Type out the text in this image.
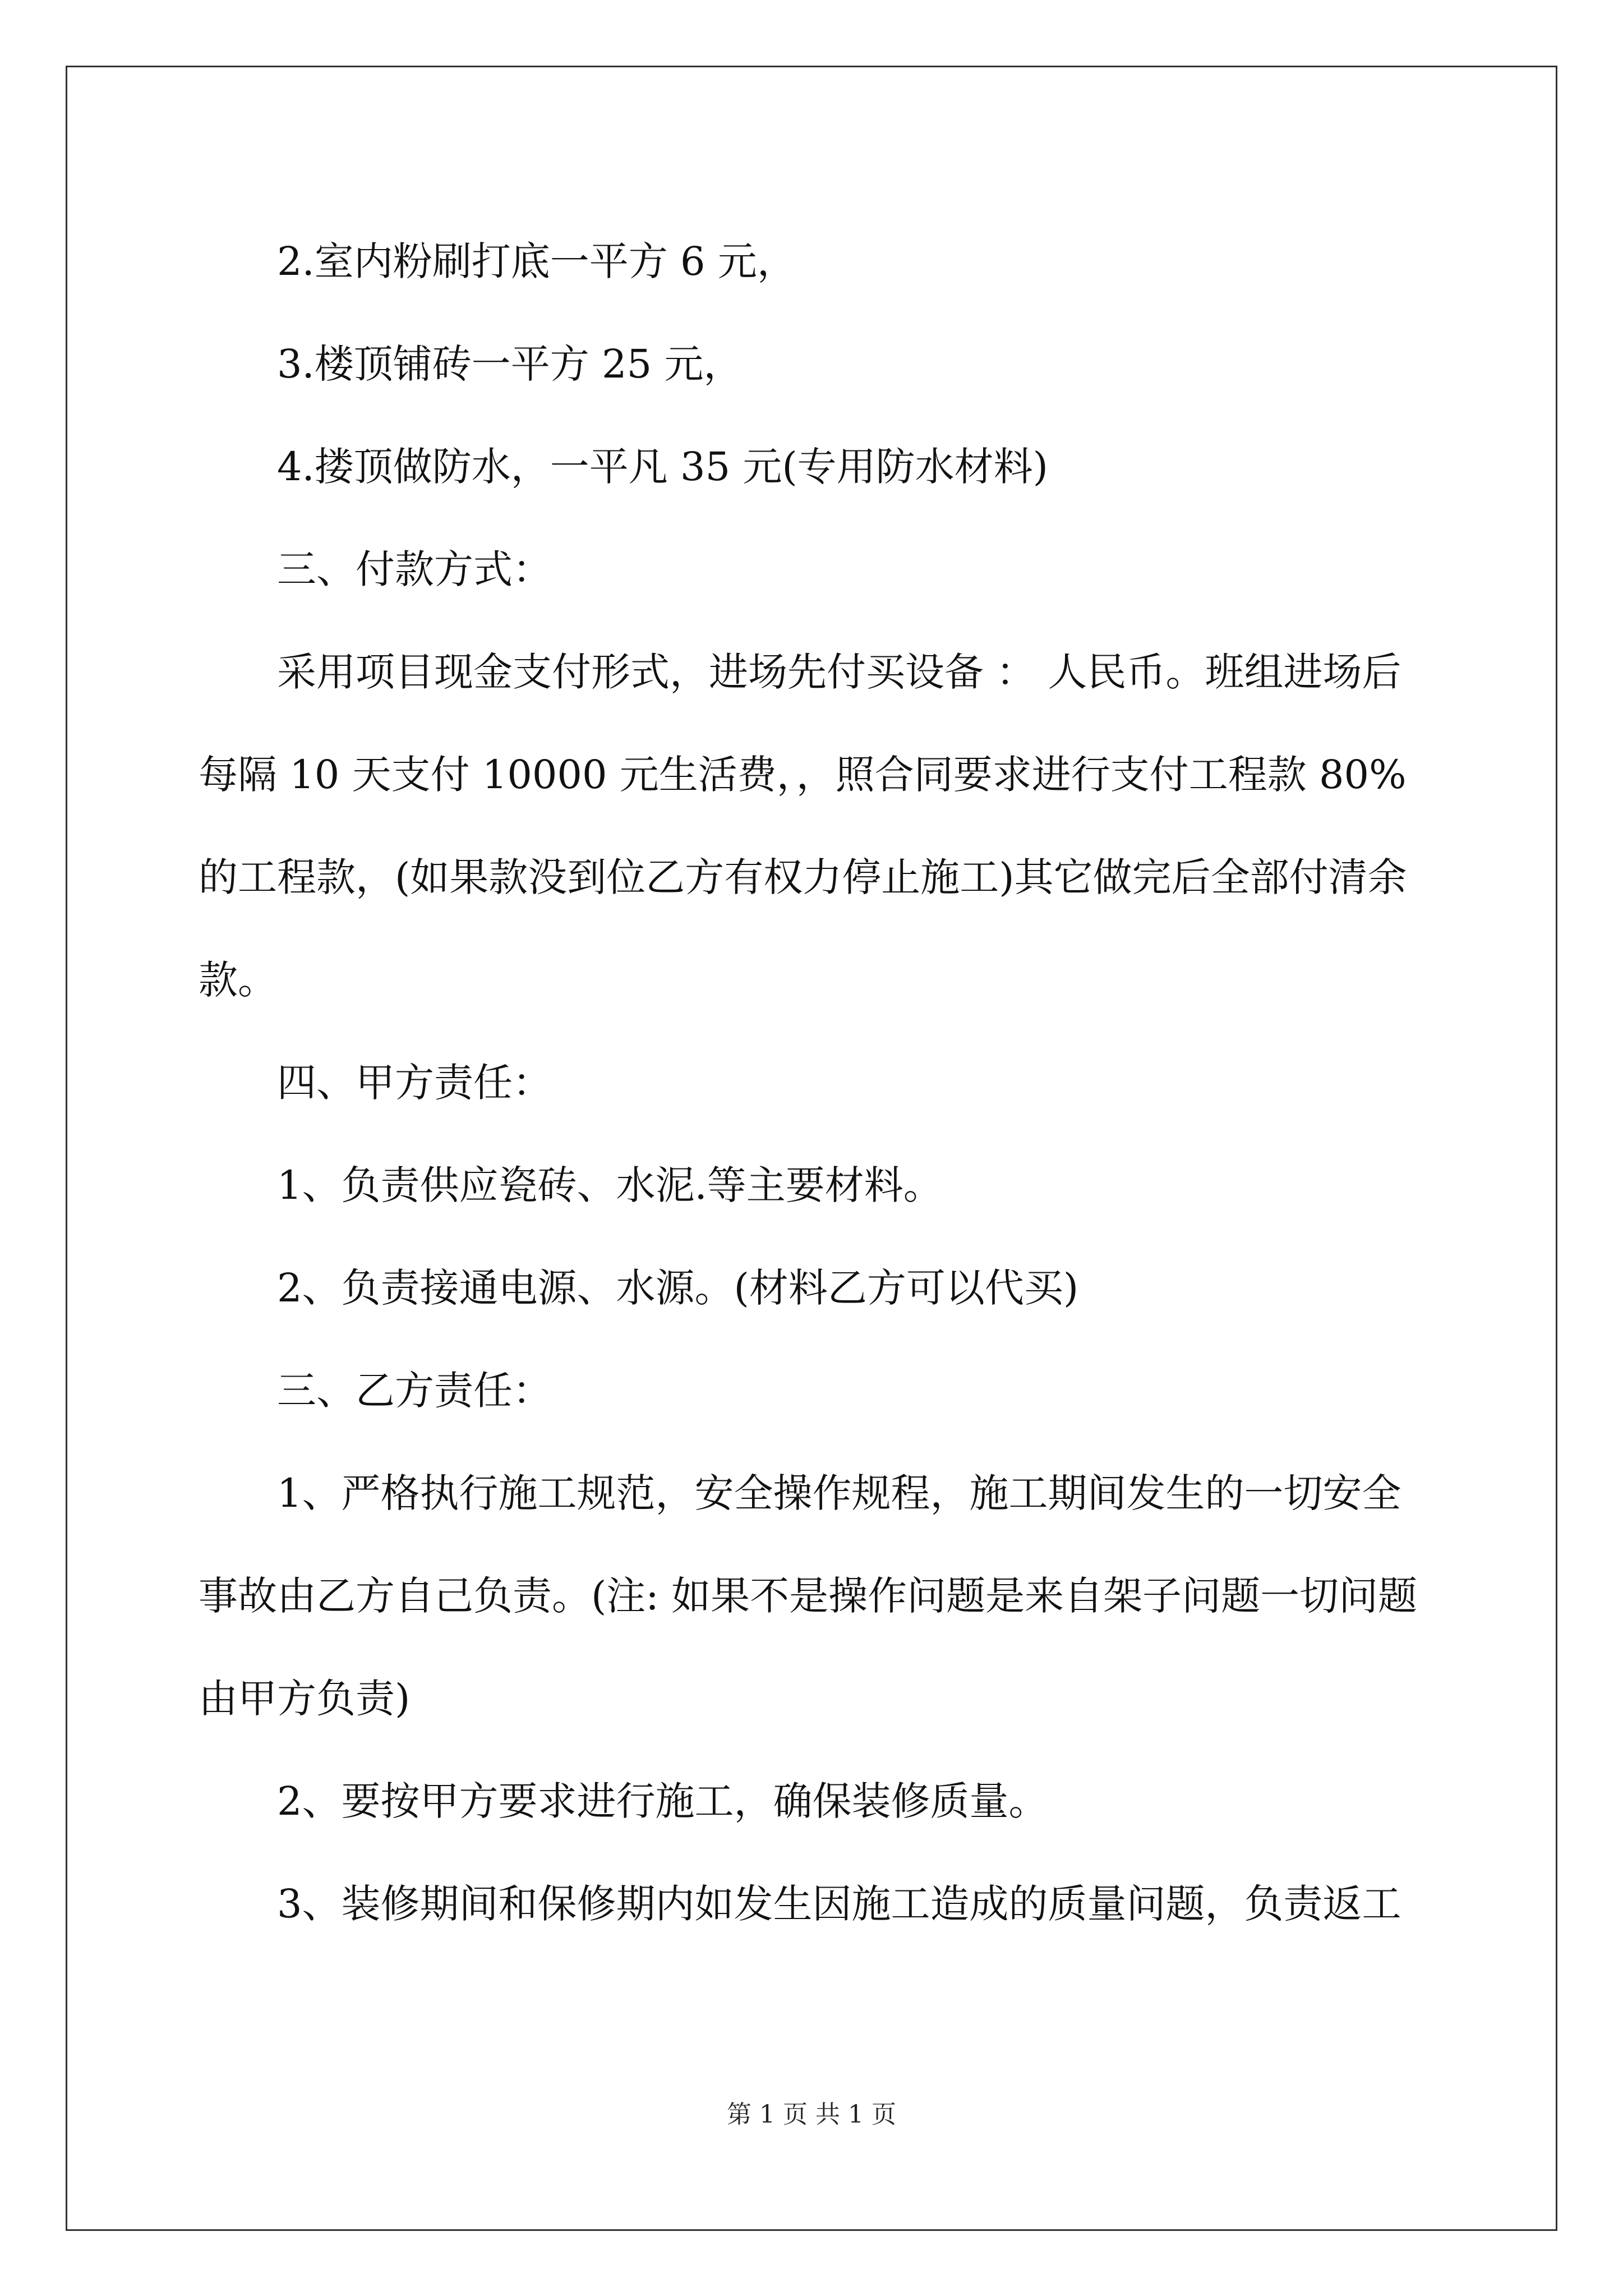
2.室内粉刷打底一平方 6 元，

3.楼顶铺砖一平方 25 元，

4.搂顶做防水，一平凡 35 元(专用防水材料)

三、付款方式：

采用项目现金支付形式，进场先付买设备 ： 人民币。班组进场后每隔 10 天支付 10000 元生活费，，照合同要求进行支付工程款 80%的工程款，(如果款没到位乙方有权力停止施工)其它做完后全部付清余款。

四、甲方责任：

1、负责供应瓷砖、水泥.等主要材料。

2、负责接通电源、水源。(材料乙方可以代买)

三、乙方责任：

1、严格执行施工规范，安全操作规程，施工期间发生的一切安全事故由乙方自己负责。(注: 如果不是操作问题是来自架子问题一切问题由甲方负责)

2、要按甲方要求进行施工，确保装修质量。

3、装修期间和保修期内如发生因施工造成的质量问题，负责返工

第 1 页 共 1 页
